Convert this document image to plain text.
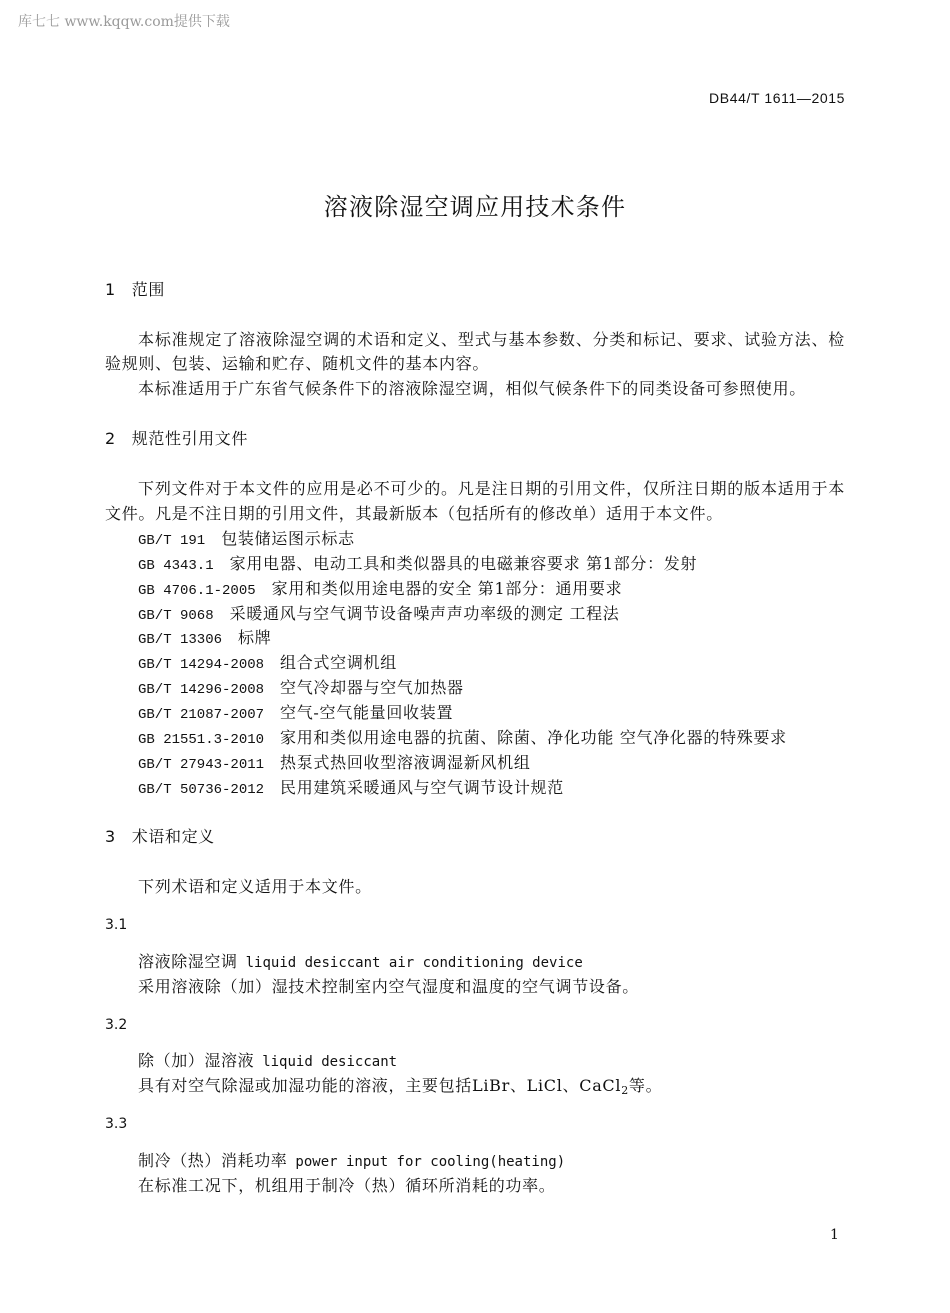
库七七 www.kqqw.com提供下载
DB44/T 1611—2015
溶液除湿空调应用技术条件
1 范围
本标准规定了溶液除湿空调的术语和定义、型式与基本参数、分类和标记、要求、试验方法、检
验规则、包装、运输和贮存、随机文件的基本内容。
本标准适用于广东省气候条件下的溶液除湿空调，相似气候条件下的同类设备可参照使用。
2 规范性引用文件
下列文件对于本文件的应用是必不可少的。凡是注日期的引用文件，仅所注日期的版本适用于本
文件。凡是不注日期的引用文件，其最新版本（包括所有的修改单）适用于本文件。
GB/T 191 包装储运图示标志
GB 4343.1 家用电器、电动工具和类似器具的电磁兼容要求 第1部分：发射
GB 4706.1-2005 家用和类似用途电器的安全 第1部分：通用要求
GB/T 9068 采暖通风与空气调节设备噪声声功率级的测定 工程法
GB/T 13306 标牌
GB/T 14294-2008 组合式空调机组
GB/T 14296-2008 空气冷却器与空气加热器
GB/T 21087-2007 空气-空气能量回收装置
GB 21551.3-2010 家用和类似用途电器的抗菌、除菌、净化功能 空气净化器的特殊要求
GB/T 27943-2011 热泵式热回收型溶液调湿新风机组
GB/T 50736-2012 民用建筑采暖通风与空气调节设计规范
3 术语和定义
下列术语和定义适用于本文件。
3.1
溶液除湿空调 liquid desiccant air conditioning device
采用溶液除（加）湿技术控制室内空气湿度和温度的空气调节设备。
3.2
除（加）湿溶液 liquid desiccant
具有对空气除湿或加湿功能的溶液，主要包括LiBr、LiCl、CaCl$_2$等。
3.3
制冷（热）消耗功率 power input for cooling(heating)
在标准工况下，机组用于制冷（热）循环所消耗的功率。
1
